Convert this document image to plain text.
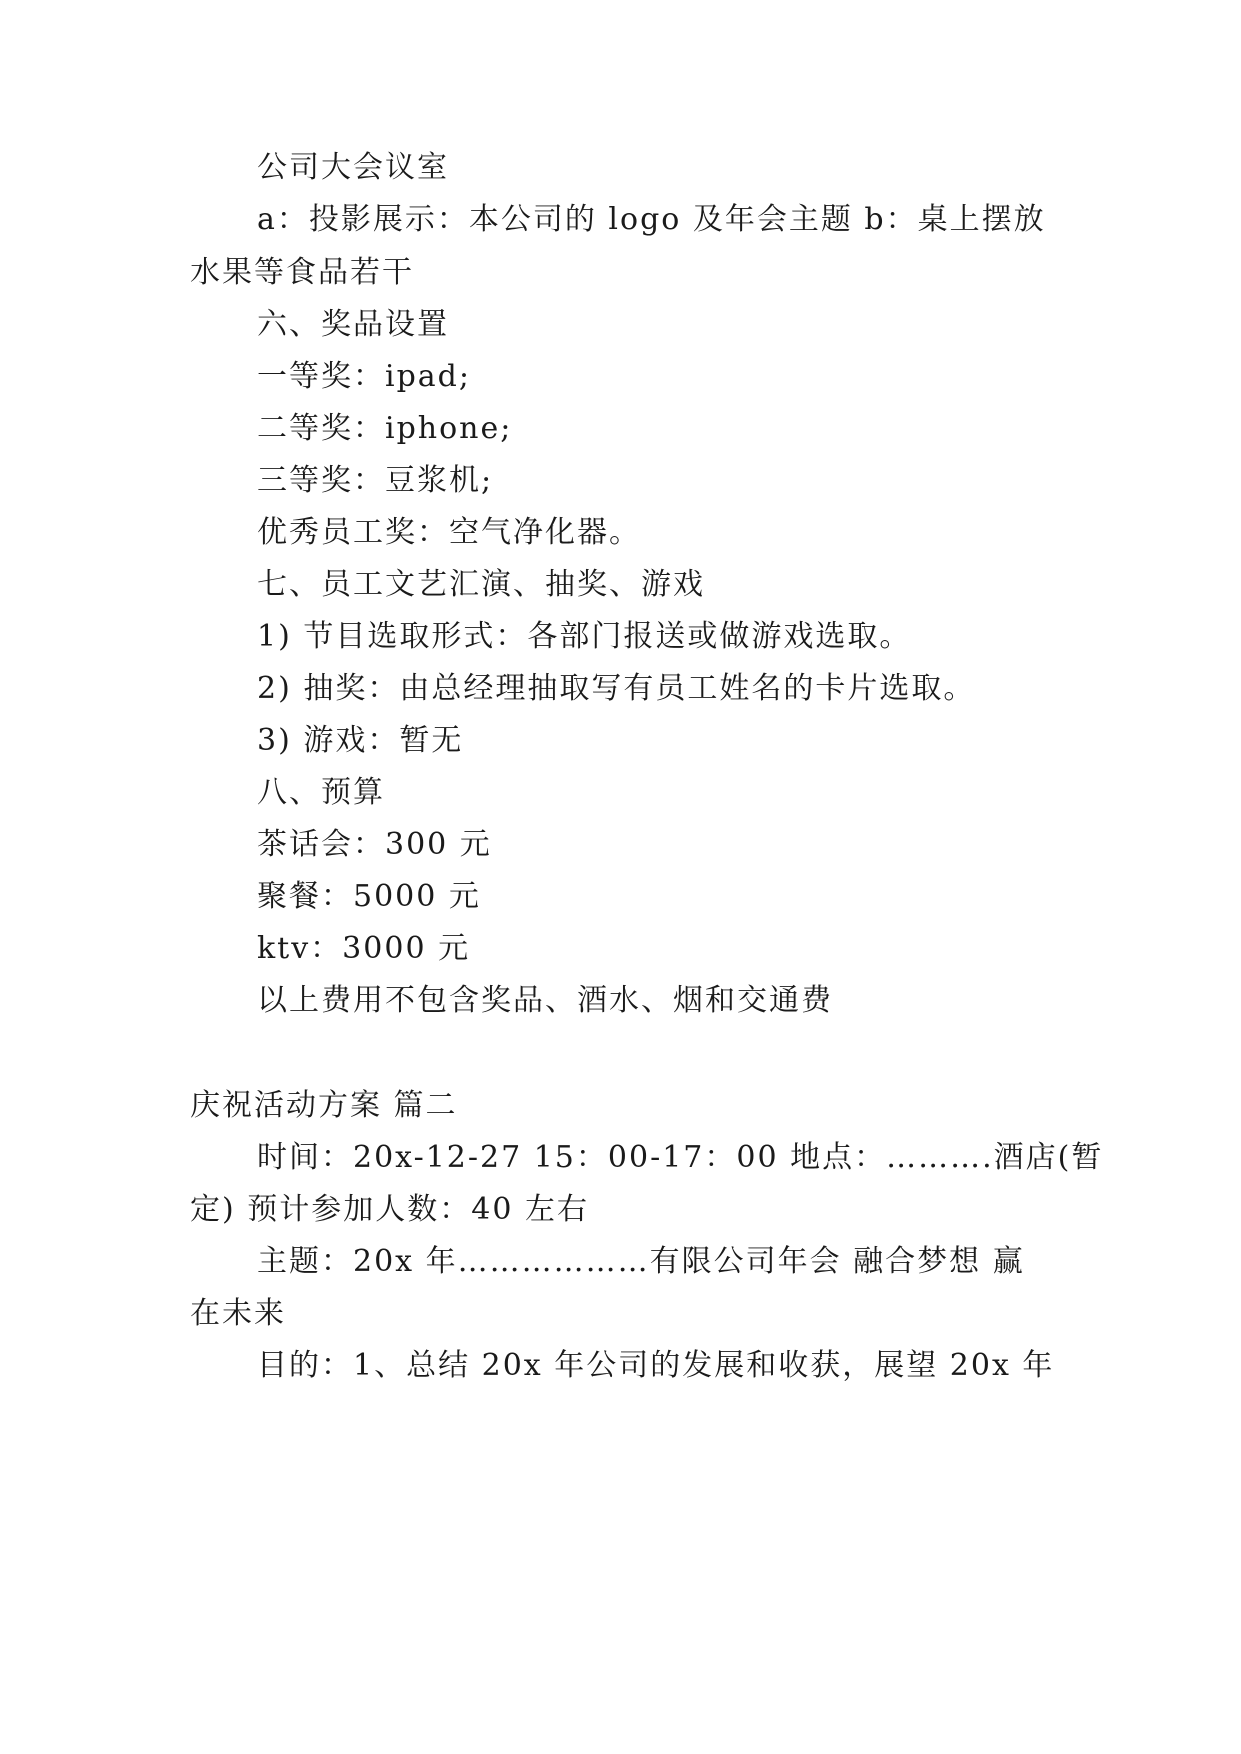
公司大会议室
a：投影展示：本公司的 logo 及年会主题 b：桌上摆放
水果等食品若干
六、奖品设置
一等奖：ipad;
二等奖：iphone;
三等奖：豆浆机;
优秀员工奖：空气净化器。
七、员工文艺汇演、抽奖、游戏
1) 节目选取形式：各部门报送或做游戏选取。
2) 抽奖：由总经理抽取写有员工姓名的卡片选取。
3) 游戏：暂无
八、预算
茶话会：300 元
聚餐：5000 元
ktv：3000 元
以上费用不包含奖品、酒水、烟和交通费
庆祝活动方案 篇二
时间：20x-12-27 15：00-17：00 地点：……….酒店(暂
定) 预计参加人数：40 左右
主题：20x 年………………有限公司年会 融合梦想 赢
在未来
目的：1、总结 20x 年公司的发展和收获，展望 20x 年
